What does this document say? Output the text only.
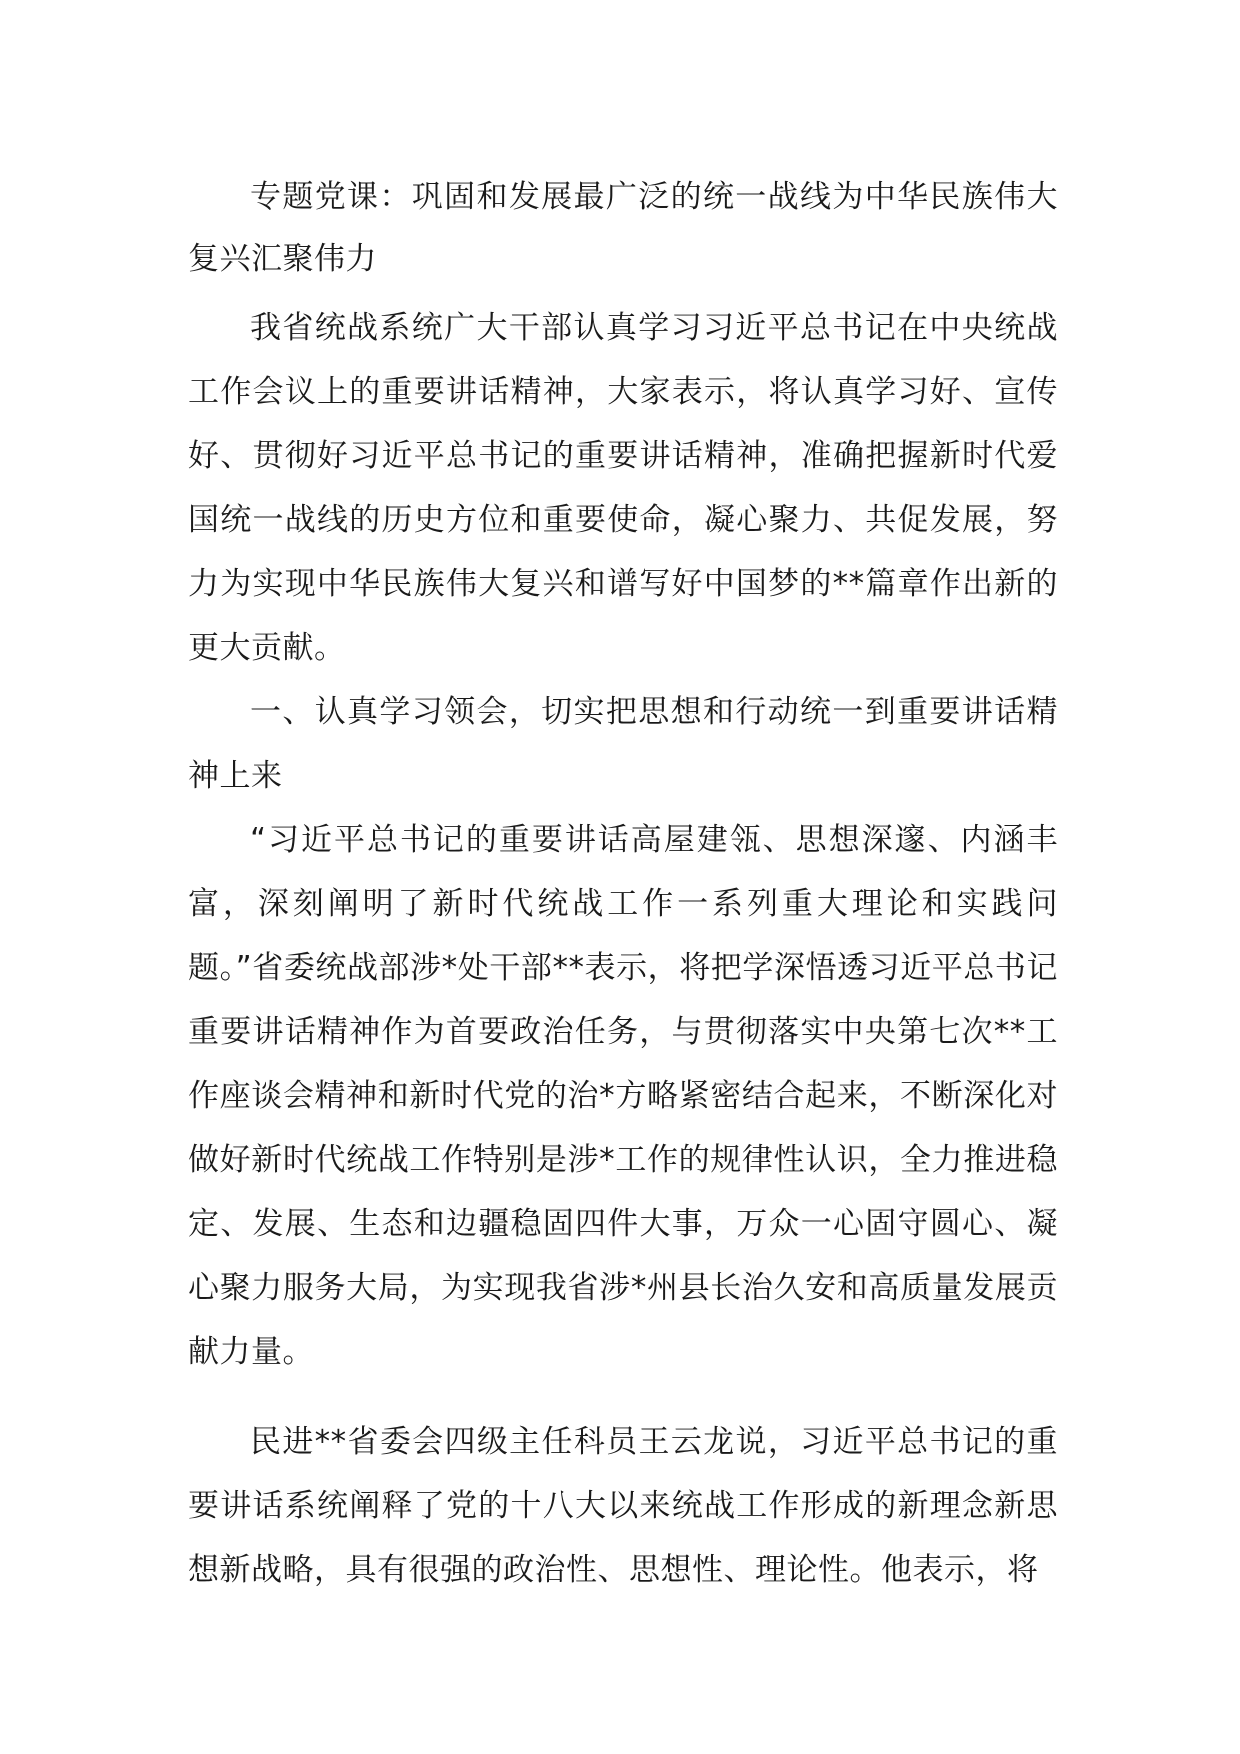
专题党课：巩固和发展最广泛的统一战线为中华民族伟大复兴汇聚伟力

我省统战系统广大干部认真学习习近平总书记在中央统战工作会议上的重要讲话精神，大家表示，将认真学习好、宣传好、贯彻好习近平总书记的重要讲话精神，准确把握新时代爱国统一战线的历史方位和重要使命，凝心聚力、共促发展，努力为实现中华民族伟大复兴和谱写好中国梦的**篇章作出新的更大贡献。

一、认真学习领会，切实把思想和行动统一到重要讲话精神上来

“习近平总书记的重要讲话高屋建瓴、思想深邃、内涵丰富，深刻阐明了新时代统战工作一系列重大理论和实践问题。”省委统战部涉*处干部**表示，将把学深悟透习近平总书记重要讲话精神作为首要政治任务，与贯彻落实中央第七次**工作座谈会精神和新时代党的治*方略紧密结合起来，不断深化对做好新时代统战工作特别是涉*工作的规律性认识，全力推进稳定、发展、生态和边疆稳固四件大事，万众一心固守圆心、凝心聚力服务大局，为实现我省涉*州县长治久安和高质量发展贡献力量。

民进**省委会四级主任科员王云龙说，习近平总书记的重要讲话系统阐释了党的十八大以来统战工作形成的新理念新思想新战略，具有很强的政治性、思想性、理论性。他表示，将
